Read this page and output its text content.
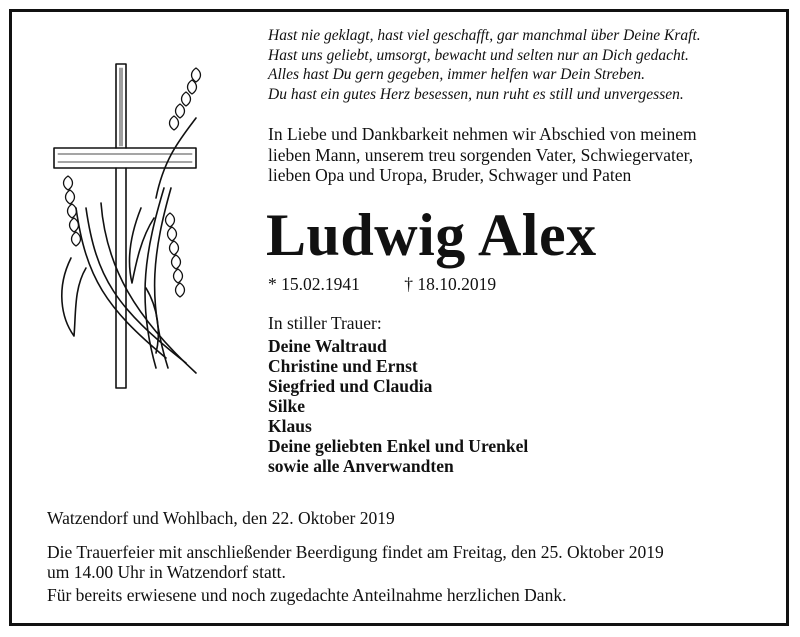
Hast nie geklagt, hast viel geschafft, gar manchmal über Deine Kraft.
Hast uns geliebt, umsorgt, bewacht und selten nur an Dich gedacht.
Alles hast Du gern gegeben, immer helfen war Dein Streben.
Du hast ein gutes Herz besessen, nun ruht es still und unvergessen.
In Liebe und Dankbarkeit nehmen wir Abschied von meinem
lieben Mann, unserem treu sorgenden Vater, Schwiegervater,
lieben Opa und Uropa, Bruder, Schwager und Paten
Ludwig Alex
* 15.02.1941	† 18.10.2019
In stiller Trauer:
Deine Waltraud
Christine und Ernst
Siegfried und Claudia
Silke
Klaus
Deine geliebten Enkel und Urenkel
sowie alle Anverwandten
Watzendorf und Wohlbach, den 22. Oktober 2019
Die Trauerfeier mit anschließender Beerdigung findet am Freitag, den 25. Oktober 2019
um 14.00 Uhr in Watzendorf statt.
Für bereits erwiesene und noch zugedachte Anteilnahme herzlichen Dank.
